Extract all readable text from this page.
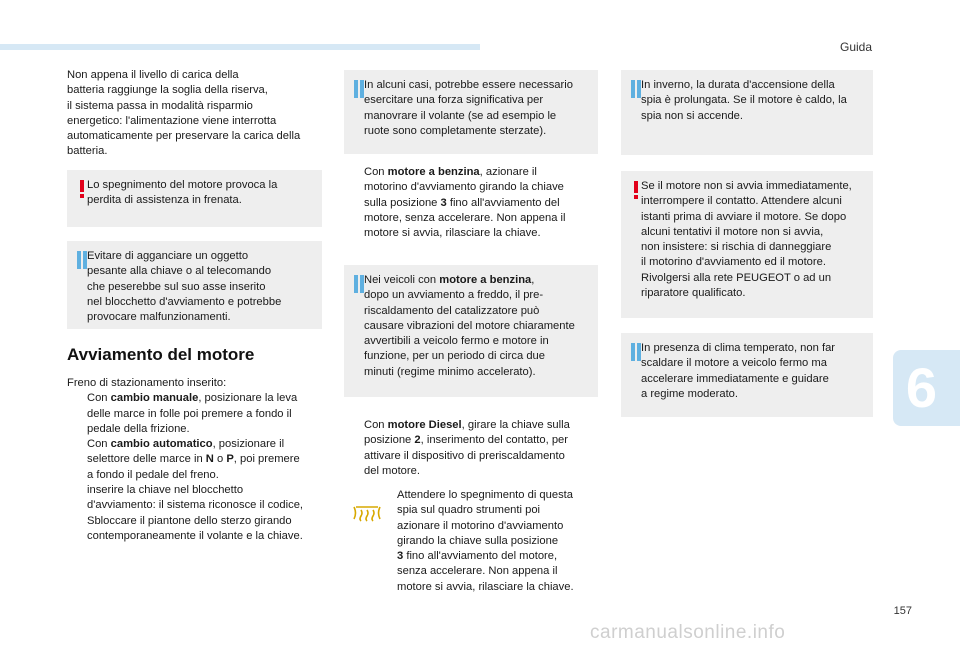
Guida

Non appena il livello di carica della

batteria raggiunge la soglia della riserva,

il sistema passa in modalità risparmio

energetico: l'alimentazione viene interrotta

automaticamente per preservare la carica della

batteria.

Lo spegnimento del motore provoca la

perdita di assistenza in frenata.

Evitare di agganciare un oggetto

pesante alla chiave o al telecomando

che peserebbe sul suo asse inserito

nel blocchetto d'avviamento e potrebbe

provocare malfunzionamenti.

Avviamento del motore

Freno di stazionamento inserito:

Con cambio manuale, posizionare la leva
delle marce in folle poi premere a fondo il
pedale della frizione.
Con cambio automatico, posizionare il
selettore delle marce in N o P, poi premere
a fondo il pedale del freno.
inserire la chiave nel blocchetto
d'avviamento: il sistema riconosce il codice,
Sbloccare il piantone dello sterzo girando
contemporaneamente il volante e la chiave.

In alcuni casi, potrebbe essere necessario

esercitare una forza significativa per

manovrare il volante (se ad esempio le

ruote sono completamente sterzate).

Con motore a benzina, azionare il
motorino d'avviamento girando la chiave
sulla posizione 3 fino all'avviamento del
motore, senza accelerare. Non appena il
motore si avvia, rilasciare la chiave.

Nei veicoli con motore a benzina,

dopo un avviamento a freddo, il pre-

riscaldamento del catalizzatore può

causare vibrazioni del motore chiaramente

avvertibili a veicolo fermo e motore in

funzione, per un periodo di circa due

minuti (regime minimo accelerato).

Con motore Diesel, girare la chiave sulla
posizione 2, inserimento del contatto, per
attivare il dispositivo di preriscaldamento
del motore.

Attendere lo spegnimento di questa

spia sul quadro strumenti poi

azionare il motorino d'avviamento

girando la chiave sulla posizione

3 fino all'avviamento del motore,

senza accelerare. Non appena il

motore si avvia, rilasciare la chiave.

In inverno, la durata d'accensione della

spia è prolungata. Se il motore è caldo, la

spia non si accende.

Se il motore non si avvia immediatamente,

interrompere il contatto. Attendere alcuni

istanti prima di avviare il motore. Se dopo

alcuni tentativi il motore non si avvia,

non insistere: si rischia di danneggiare

il motorino d'avviamento ed il motore.

Rivolgersi alla rete PEUGEOT o ad un

riparatore qualificato.

In presenza di clima temperato, non far

scaldare il motore a veicolo fermo ma

accelerare immediatamente e guidare

a regime moderato.	6
157
carmanualsonline.info
